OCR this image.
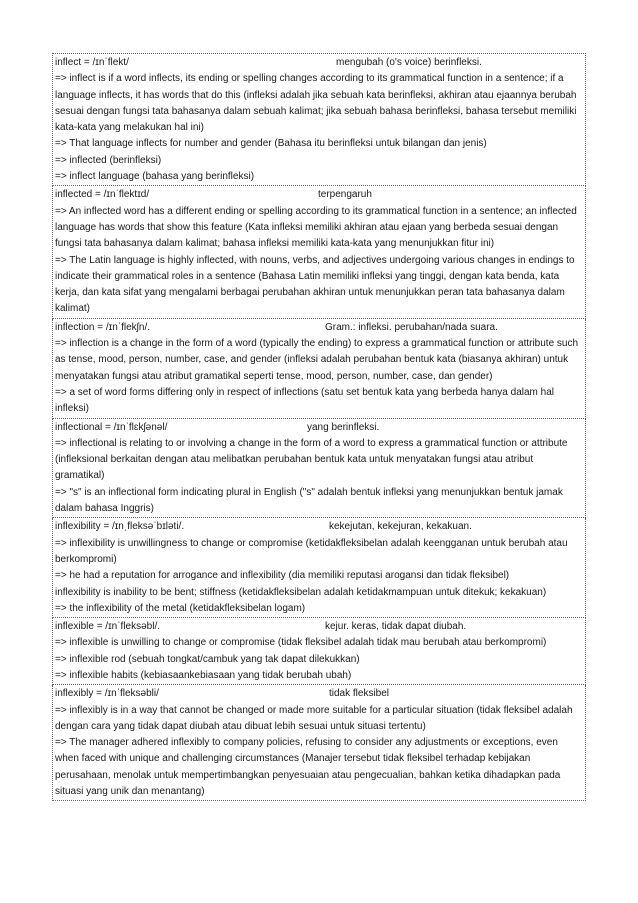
inflect = /ɪnˈflekt/	mengubah (o's voice) berinfleksi.
=> inflect is if a word inflects, its ending or spelling changes according to its grammatical function in a sentence; if a language inflects, it has words that do this (infleksi adalah jika sebuah kata berinfleksi, akhiran atau ejaannya berubah sesuai dengan fungsi tata bahasanya dalam sebuah kalimat; jika sebuah bahasa berinfleksi, bahasa tersebut memiliki kata-kata yang melakukan hal ini)
=> That language inflects for number and gender (Bahasa itu berinfleksi untuk bilangan dan jenis)
=> inflected (berinfleksi)
=> inflect language (bahasa yang berinfleksi)
inflected = /ɪnˈflektɪd/	terpengaruh
=> An inflected word has a different ending or spelling according to its grammatical function in a sentence; an inflected language has words that show this feature (Kata infleksi memiliki akhiran atau ejaan yang berbeda sesuai dengan fungsi tata bahasanya dalam kalimat; bahasa infleksi memiliki kata-kata yang menunjukkan fitur ini)
=> The Latin language is highly inflected, with nouns, verbs, and adjectives undergoing various changes in endings to indicate their grammatical roles in a sentence (Bahasa Latin memiliki infleksi yang tinggi, dengan kata benda, kata kerja, dan kata sifat yang mengalami berbagai perubahan akhiran untuk menunjukkan peran tata bahasanya dalam kalimat)
inflection = /ɪnˈflekʃn/.	Gram.: infleksi. perubahan/nada suara.
=> inflection is a change in the form of a word (typically the ending) to express a grammatical function or attribute such as tense, mood, person, number, case, and gender (infleksi adalah perubahan bentuk kata (biasanya akhiran) untuk menyatakan fungsi atau atribut gramatikal seperti tense, mood, person, number, case, dan gender)
=> a set of word forms differing only in respect of inflections (satu set bentuk kata yang berbeda hanya dalam hal infleksi)
inflectional = /ɪnˈflɛkʃənəl/	yang berinfleksi.
=> inflectional is relating to or involving a change in the form of a word to express a grammatical function or attribute (infleksional berkaitan dengan atau melibatkan perubahan bentuk kata untuk menyatakan fungsi atau atribut gramatikal)
=> "s" is an inflectional form indicating plural in English ("s" adalah bentuk infleksi yang menunjukkan bentuk jamak dalam bahasa Inggris)
inflexibility = /ɪnˌfleksəˈbɪləti/.	kekejutan, kekejuran, kekakuan.
=> inflexibility is unwillingness to change or compromise (ketidakfleksibelan adalah keengganan untuk berubah atau berkompromi)
=> he had a reputation for arrogance and inflexibility (dia memiliki reputasi arogansi dan tidak fleksibel)
inflexibility is inability to be bent; stiffness (ketidakfleksibelan adalah ketidakmampuan untuk ditekuk; kekakuan)
=> the inflexibility of the metal (ketidakfleksibelan logam)
inflexible = /ɪnˈfleksəbl/.	kejur. keras, tidak dapat diubah.
=> inflexible is unwilling to change or compromise (tidak fleksibel adalah tidak mau berubah atau berkompromi)
=> inflexible rod (sebuah tongkat/cambuk yang tak dapat dilekukkan)
=> inflexible habits (kebiasaankebiasaan yang tidak berubah ubah)
inflexibly = /ɪnˈfleksəbli/	tidak fleksibel
=> inflexibly is in a way that cannot be changed or made more suitable for a particular situation (tidak fleksibel adalah dengan cara yang tidak dapat diubah atau dibuat lebih sesuai untuk situasi tertentu)
=> The manager adhered inflexibly to company policies, refusing to consider any adjustments or exceptions, even when faced with unique and challenging circumstances (Manajer tersebut tidak fleksibel terhadap kebijakan perusahaan, menolak untuk mempertimbangkan penyesuaian atau pengecualian, bahkan ketika dihadapkan pada situasi yang unik dan menantang)
